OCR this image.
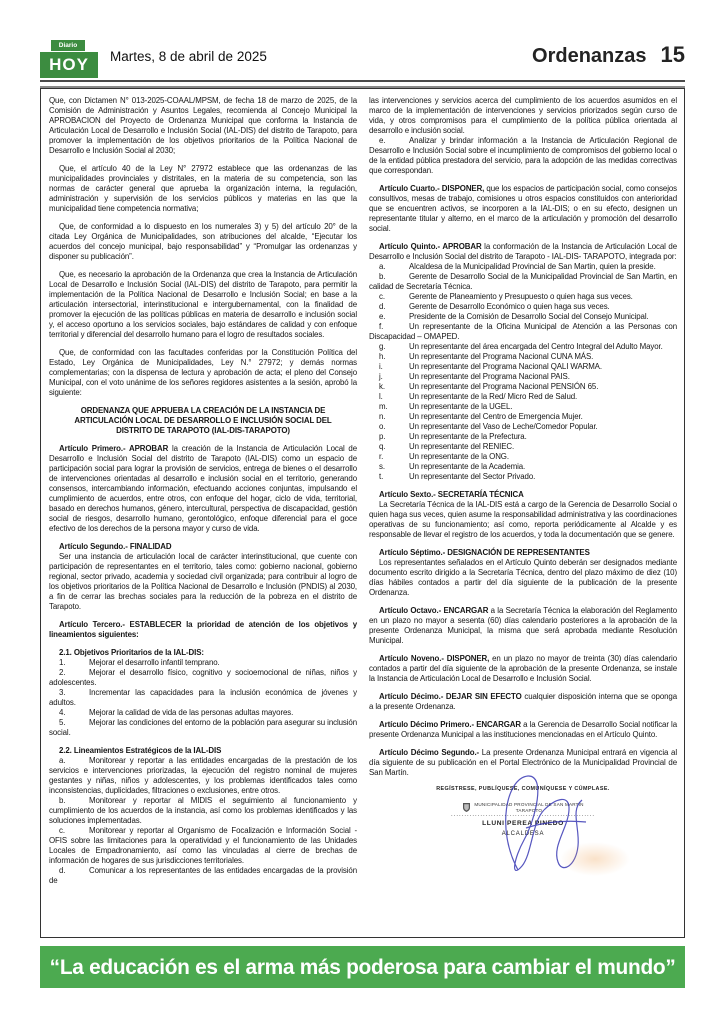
Diario
HOY	Martes, 8 de abril de 2025	Ordenanzas 15

Que, con Dictamen N° 013-2025-COAAL/MPSM, de fecha 18 de marzo de 2025, de la Comisión de Administración y Asuntos Legales, recomienda al Concejo Municipal la APROBACION del Proyecto de Ordenanza Municipal que conforma la Instancia de Articulación Local de Desarrollo e Inclusión Social (IAL-DIS) del distrito de Tarapoto, para promover la implementación de los objetivos prioritarios de la Política Nacional de Desarrollo e Inclusión Social al 2030;

Que, el artículo 40 de la Ley N° 27972 establece que las ordenanzas de las municipalidades provinciales y distritales, en la materia de su competencia, son las normas de carácter general que aprueba la organización interna, la regulación, administración y supervisión de los servicios públicos y materias en las que la municipalidad tiene competencia normativa;

Que, de conformidad a lo dispuesto en los numerales 3) y 5) del artículo 20° de la citada Ley Orgánica de Municipalidades, son atribuciones del alcalde, “Ejecutar los acuerdos del concejo municipal, bajo responsabilidad” y “Promulgar las ordenanzas y disponer su publicación”.

Que, es necesario la aprobación de la Ordenanza que crea la Instancia de Articulación Local de Desarrollo e Inclusión Social (IAL-DIS) del distrito de Tarapoto, para permitir la implementación de la Política Nacional de Desarrollo e Inclusión Social; en base a la articulación intersectorial, interinstitucional e intergubernamental, con la finalidad de promover la ejecución de las políticas públicas en materia de desarrollo e inclusión social y, el acceso oportuno a los servicios sociales, bajo estándares de calidad y con enfoque territorial y diferencial del desarrollo humano para el logro de resultados sociales.

Que, de conformidad con las facultades conferidas por la Constitución Política del Estado, Ley Orgánica de Municipalidades, Ley N.° 27972; y demás normas complementarias; con la dispensa de lectura y aprobación de acta; el pleno del Consejo Municipal, con el voto unánime de los señores regidores asistentes a la sesión, aprobó la siguiente:

ORDENANZA QUE APRUEBA LA CREACIÓN DE LA INSTANCIA DE ARTICULACIÓN LOCAL DE DESARROLLO E INCLUSIÓN SOCIAL DEL DISTRITO DE TARAPOTO (IAL-DIS-TARAPOTO)

Artículo Primero.- APROBAR la creación de la Instancia de Articulación Local de Desarrollo e Inclusión Social del distrito de Tarapoto (IAL-DIS) como un espacio de participación social para lograr la provisión de servicios, entrega de bienes o el desarrollo de intervenciones orientadas al desarrollo e inclusión social en el territorio, generando consensos, intercambiando información, efectuando acciones conjuntas, impulsando el cumplimiento de acuerdos, entre otros, con enfoque del hogar, ciclo de vida, territorial, basado en derechos humanos, género, intercultural, perspectiva de discapacidad, gestión social de riesgos, desarrollo humano, gerontológico, enfoque diferencial para el goce efectivo de los derechos de la persona mayor y curso de vida.

Artículo Segundo.- FINALIDAD

Ser una instancia de articulación local de carácter interinstitucional, que cuente con participación de representantes en el territorio, tales como: gobierno nacional, gobierno regional, sector privado, academia y sociedad civil organizada; para contribuir al logro de los objetivos prioritarios de la Política Nacional de Desarrollo e Inclusión (PNDIS) al 2030, a fin de cerrar las brechas sociales para la reducción de la pobreza en el distrito de Tarapoto.

Artículo Tercero.- ESTABLECER la prioridad de atención de los objetivos y lineamientos siguientes:

2.1. Objetivos Prioritarios de la IAL-DIS:

1.	Mejorar el desarrollo infantil temprano.

2.	Mejorar el desarrollo físico, cognitivo y socioemocional de niñas, niños y adolescentes.

3.	Incrementar las capacidades para la inclusión económica de jóvenes y adultos.

4.	Mejorar la calidad de vida de las personas adultas mayores.

5.	Mejorar las condiciones del entorno de la población para asegurar su inclusión social.

2.2. Lineamientos Estratégicos de la IAL-DIS

a.	Monitorear y reportar a las entidades encargadas de la prestación de los servicios e intervenciones priorizadas, la ejecución del registro nominal de mujeres gestantes y niñas, niños y adolescentes, y los problemas identificados tales como inconsistencias, duplicidades, filtraciones o exclusiones, entre otros.

b.	Monitorear y reportar al MIDIS el seguimiento al funcionamiento y cumplimiento de los acuerdos de la instancia, así como los problemas identificados y las soluciones implementadas.

c.	Monitorear y reportar al Organismo de Focalización e Información Social - OFIS sobre las limitaciones para la operatividad y el funcionamiento de las Unidades Locales de Empadronamiento, así como las vinculadas al cierre de brechas de información de hogares de sus jurisdicciones territoriales.

d.	Comunicar a los representantes de las entidades encargadas de la provisión de

las intervenciones y servicios acerca del cumplimiento de los acuerdos asumidos en el marco de la implementación de intervenciones y servicios priorizados según curso de vida, y otros compromisos para el cumplimiento de la política pública orientada al desarrollo e inclusión social.

e.	Analizar y brindar información a la Instancia de Articulación Regional de Desarrollo e Inclusión Social sobre el incumplimiento de compromisos del gobierno local o de la entidad pública prestadora del servicio, para la adopción de las medidas correctivas que correspondan.

Artículo Cuarto.- DISPONER, que los espacios de participación social, como consejos consultivos, mesas de trabajo, comisiones u otros espacios constituidos con anterioridad que se encuentren activos, se incorporen a la IAL-DIS; o en su efecto, designen un representante titular y alterno, en el marco de la articulación y promoción del desarrollo social.

Artículo Quinto.- APROBAR la conformación de la Instancia de Articulación Local de Desarrollo e Inclusión Social del distrito de Tarapoto - IAL-DIS- TARAPOTO, integrada por:

a.	Alcaldesa de la Municipalidad Provincial de San Martin, quien la preside.

b.	Gerente de Desarrollo Social de la Municipalidad Provincial de San Martin, en calidad de Secretaría Técnica.

c.	Gerente de Planeamiento y Presupuesto o quien haga sus veces.

d.	Gerente de Desarrollo Económico o quien haga sus veces.

e.	Presidente de la Comisión de Desarrollo Social del Consejo Municipal.

f.	Un representante de la Oficina Municipal de Atención a las Personas con Discapacidad – OMAPED.

g.	Un representante del área encargada del Centro Integral del Adulto Mayor.

h.	Un representante del Programa Nacional CUNA MÁS.

i.	Un representante del Programa Nacional QALI WARMA.

j.	Un representante del Programa Nacional PAIS.

k.	Un representante del Programa Nacional PENSIÓN 65.

l.	Un representante de la Red/ Micro Red de Salud.

m.	Un representante de la UGEL.

n.	Un representante del Centro de Emergencia Mujer.

o.	Un representante del Vaso de Leche/Comedor Popular.

p.	Un representante de la Prefectura.

q.	Un representante del RENIEC.

r.	Un representante de la ONG.

s.	Un representante de la Academia.

t.	Un representante del Sector Privado.

Artículo Sexto.- SECRETARÍA TÉCNICA

La Secretaría Técnica de la IAL-DIS está a cargo de la Gerencia de Desarrollo Social o quien haga sus veces, quien asume la responsabilidad administrativa y las coordinaciones operativas de su funcionamiento; así como, reporta periódicamente al Alcalde y es responsable de llevar el registro de los acuerdos, y toda la documentación que se genere.

Artículo Séptimo.- DESIGNACIÓN DE REPRESENTANTES

Los representantes señalados en el Artículo Quinto deberán ser designados mediante documento escrito dirigido a la Secretaría Técnica, dentro del plazo máximo de diez (10) días hábiles contados a partir del día siguiente de la publicación de la presente Ordenanza.

Artículo Octavo.- ENCARGAR a la Secretaría Técnica la elaboración del Reglamento en un plazo no mayor a sesenta (60) días calendario posteriores a la aprobación de la presente Ordenanza Municipal, la misma que será aprobada mediante Resolución Municipal.

Artículo Noveno.- DISPONER, en un plazo no mayor de treinta (30) días calendario contados a partir del día siguiente de la aprobación de la presente Ordenanza, se instale la Instancia de Articulación Local de Desarrollo e Inclusión Social.

Artículo Décimo.- DEJAR SIN EFECTO cualquier disposición interna que se oponga a la presente Ordenanza.

Artículo Décimo Primero.- ENCARGAR a la Gerencia de Desarrollo Social notificar la presente Ordenanza Municipal a las instituciones mencionadas en el Artículo Quinto.

Artículo Décimo Segundo.- La presente Ordenanza Municipal entrará en vigencia al día siguiente de su publicación en el Portal Electrónico de la Municipalidad Provincial de San Martín.

REGÍSTRESE, PUBLÍQUESE, COMUNÍQUESE Y CÚMPLASE.
MUNICIPALIDAD PROVINCIAL DE SAN MARTÍN
TARAPOTO
......................................................
LLUNI PEREA PINEDO
ALCALDESA
“La educación es el arma más poderosa para cambiar el mundo”
